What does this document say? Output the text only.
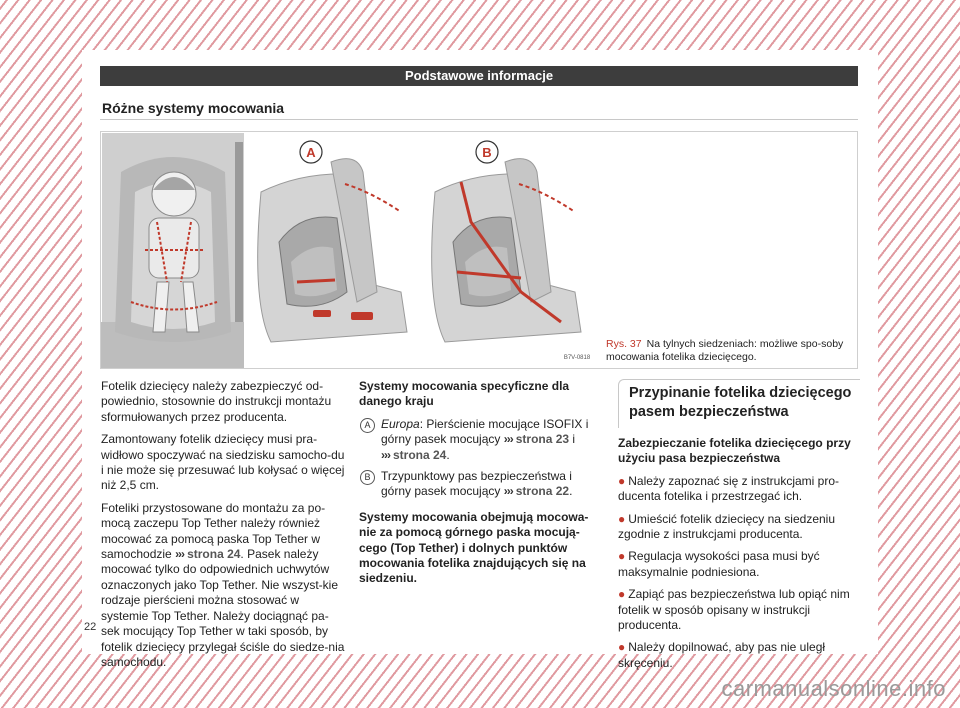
Podstawowe informacje
Różne systemy mocowania
A	B
B7V-0818
Rys. 37 Na tylnych siedzeniach: możliwe spo-soby mocowania fotelika dziecięcego.

Fotelik dziecięcy należy zabezpieczyć od-powiednio, stosownie do instrukcji montażu sformułowanych przez producenta.

Zamontowany fotelik dziecięcy musi pra-widłowo spoczywać na siedzisku samocho-du i nie może się przesuwać lub kołysać o więcej niż 2,5 cm.

Foteliki przystosowane do montażu za po-mocą zaczepu Top Tether należy również mocować za pomocą paska Top Tether w samochodzie ››› strona 24. Pasek należy mocować tylko do odpowiednich uchwytów oznaczonych jako Top Tether. Nie wszyst-kie rodzaje pierścieni można stosować w systemie Top Tether. Należy dociągnąć pa-sek mocujący Top Tether w taki sposób, by fotelik dziecięcy przylegał ściśle do siedze-nia samochodu.

Systemy mocowania specyficzne dla danego kraju

A Europa: Pierścienie mocujące ISOFIX i górny pasek mocujący ››› strona 23 i ››› strona 24.
B Trzypunktowy pas bezpieczeństwa i górny pasek mocujący ››› strona 22.

Systemy mocowania obejmują mocowa-nie za pomocą górnego paska mocują-cego (Top Tether) i dolnych punktów mocowania fotelika znajdujących się na siedzeniu.

Przypinanie fotelika dziecięcego pasem bezpieczeństwa

Zabezpieczanie fotelika dziecięcego przy użyciu pasa bezpieczeństwa

● Należy zapoznać się z instrukcjami pro-ducenta fotelika i przestrzegać ich.

● Umieścić fotelik dziecięcy na siedzeniu zgodnie z instrukcjami producenta.

● Regulacja wysokości pasa musi być maksymalnie podniesiona.

● Zapiąć pas bezpieczeństwa lub opiąć nim fotelik w sposób opisany w instrukcji producenta.

● Należy dopilnować, aby pas nie uległ skręceniu.

22
carmanualsonline.info
